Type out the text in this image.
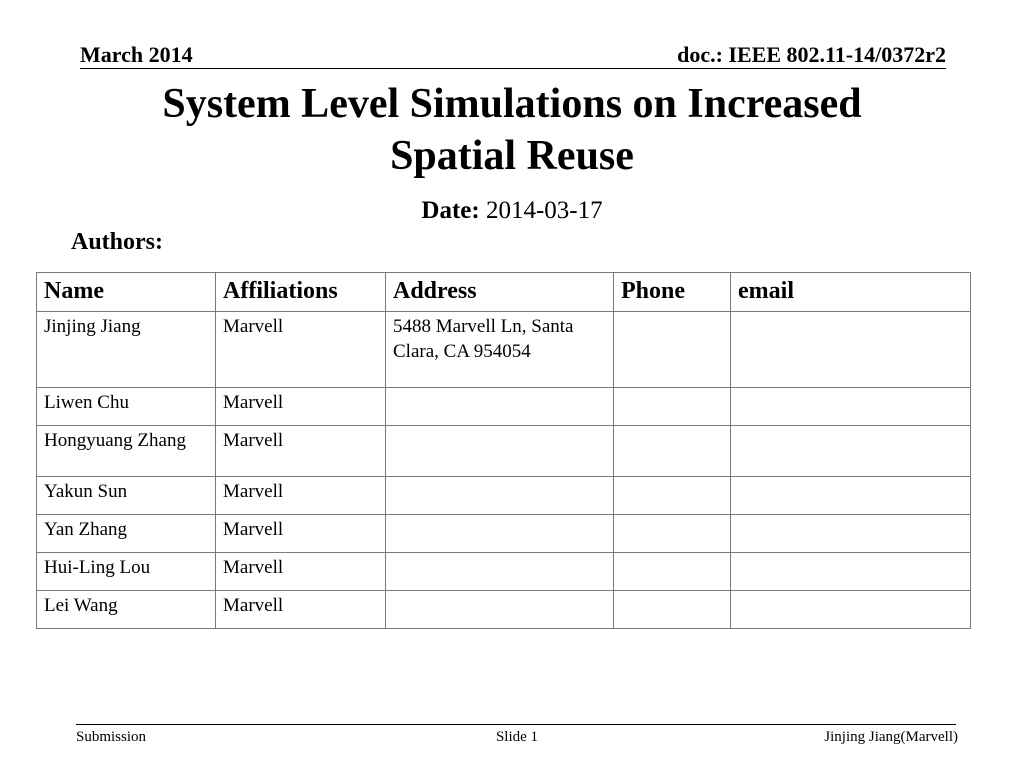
March 2014	doc.: IEEE 802.11-14/0372r2
System Level Simulations on Increased
Spatial Reuse
Date: 2014-03-17
Authors:
Name	Affiliations	Address	Phone	email
Jinjing Jiang	Marvell	5488 Marvell Ln, Santa Clara, CA 954054		
Liwen Chu	Marvell			
Hongyuang Zhang	Marvell			
Yakun Sun	Marvell			
Yan Zhang	Marvell			
Hui-Ling Lou	Marvell			
Lei Wang	Marvell			
Submission	Slide 1	Jinjing Jiang(Marvell)
